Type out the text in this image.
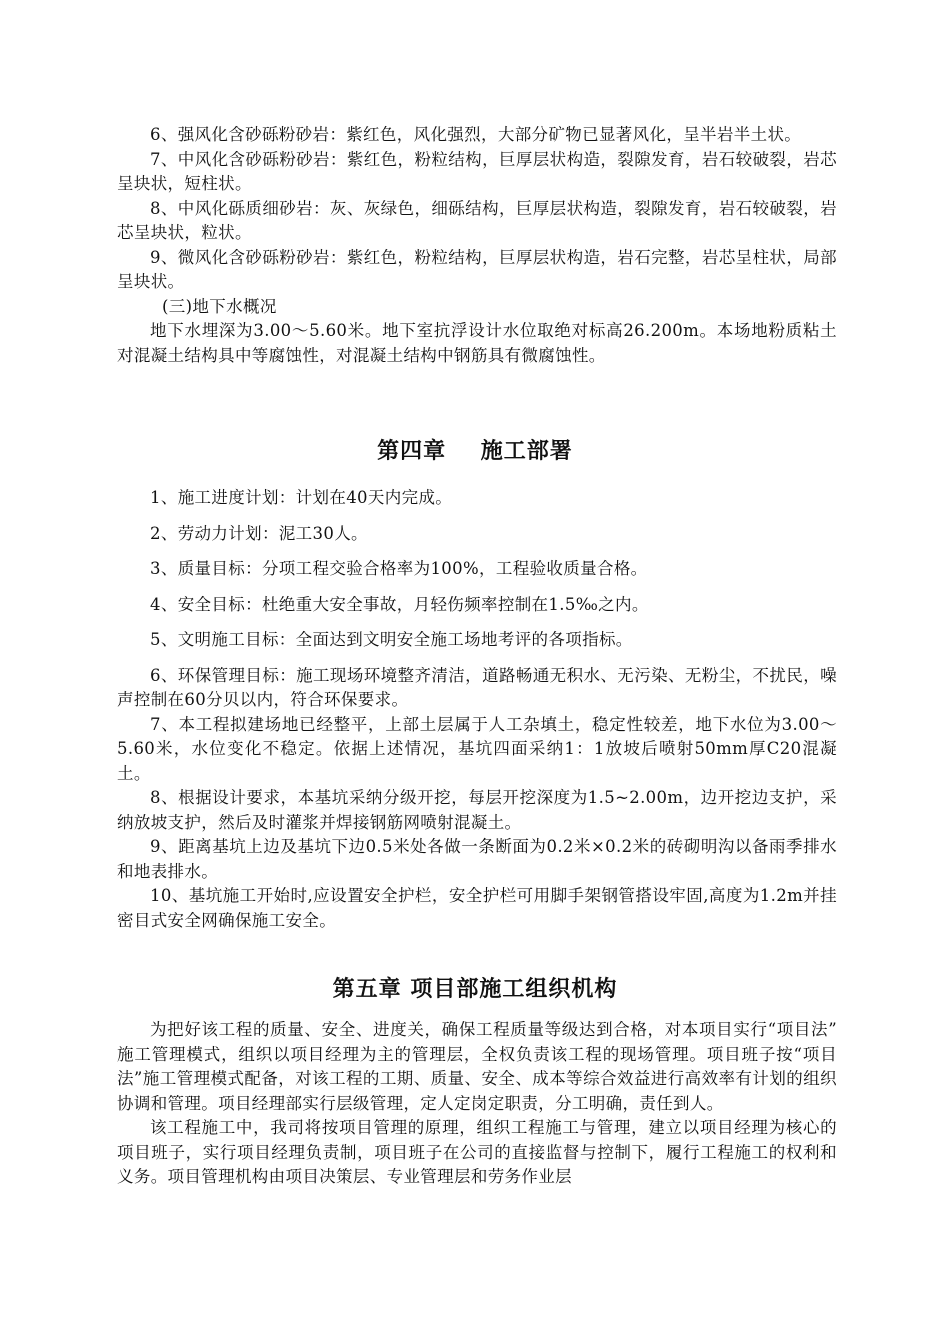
6、强风化含砂砾粉砂岩：紫红色，风化强烈，大部分矿物已显著风化，呈半岩半土状。

7、中风化含砂砾粉砂岩：紫红色，粉粒结构，巨厚层状构造，裂隙发育，岩石较破裂，岩芯呈块状，短柱状。

8、中风化砾质细砂岩：灰、灰绿色，细砾结构，巨厚层状构造，裂隙发育，岩石较破裂，岩芯呈块状，粒状。

9、微风化含砂砾粉砂岩：紫红色，粉粒结构，巨厚层状构造，岩石完整，岩芯呈柱状，局部呈块状。

(三)地下水概况

地下水埋深为3.00～5.60米。地下室抗浮设计水位取绝对标高26.200m。本场地粉质粘土对混凝土结构具中等腐蚀性，对混凝土结构中钢筋具有微腐蚀性。

第四章    施工部署

1、施工进度计划：计划在40天内完成。

2、劳动力计划：泥工30人。

3、质量目标：分项工程交验合格率为100%，工程验收质量合格。

4、安全目标：杜绝重大安全事故，月轻伤频率控制在1.5‰之内。

5、文明施工目标：全面达到文明安全施工场地考评的各项指标。

6、环保管理目标：施工现场环境整齐清洁，道路畅通无积水、无污染、无粉尘，不扰民，噪声控制在60分贝以内，符合环保要求。

7、本工程拟建场地已经整平，上部土层属于人工杂填土，稳定性较差，地下水位为3.00～5.60米，水位变化不稳定。依据上述情况，基坑四面采纳1：1放坡后喷射50mm厚C20混凝土。

8、根据设计要求，本基坑采纳分级开挖，每层开挖深度为1.5~2.00m，边开挖边支护，采纳放坡支护，然后及时灌浆并焊接钢筋网喷射混凝土。

9、距离基坑上边及基坑下边0.5米处各做一条断面为0.2米×0.2米的砖砌明沟以备雨季排水和地表排水。

10、基坑施工开始时,应设置安全护栏，安全护栏可用脚手架钢管搭设牢固,高度为1.2m并挂密目式安全网确保施工安全。

第五章 项目部施工组织机构

为把好该工程的质量、安全、进度关，确保工程质量等级达到合格，对本项目实行“项目法” 施工管理模式，组织以项目经理为主的管理层，全权负责该工程的现场管理。项目班子按“项目法”施工管理模式配备，对该工程的工期、质量、安全、成本等综合效益进行高效率有计划的组织协调和管理。项目经理部实行层级管理，定人定岗定职责，分工明确，责任到人。

该工程施工中，我司将按项目管理的原理，组织工程施工与管理，建立以项目经理为核心的项目班子，实行项目经理负责制，项目班子在公司的直接监督与控制下，履行工程施工的权利和义务。项目管理机构由项目决策层、专业管理层和劳务作业层
